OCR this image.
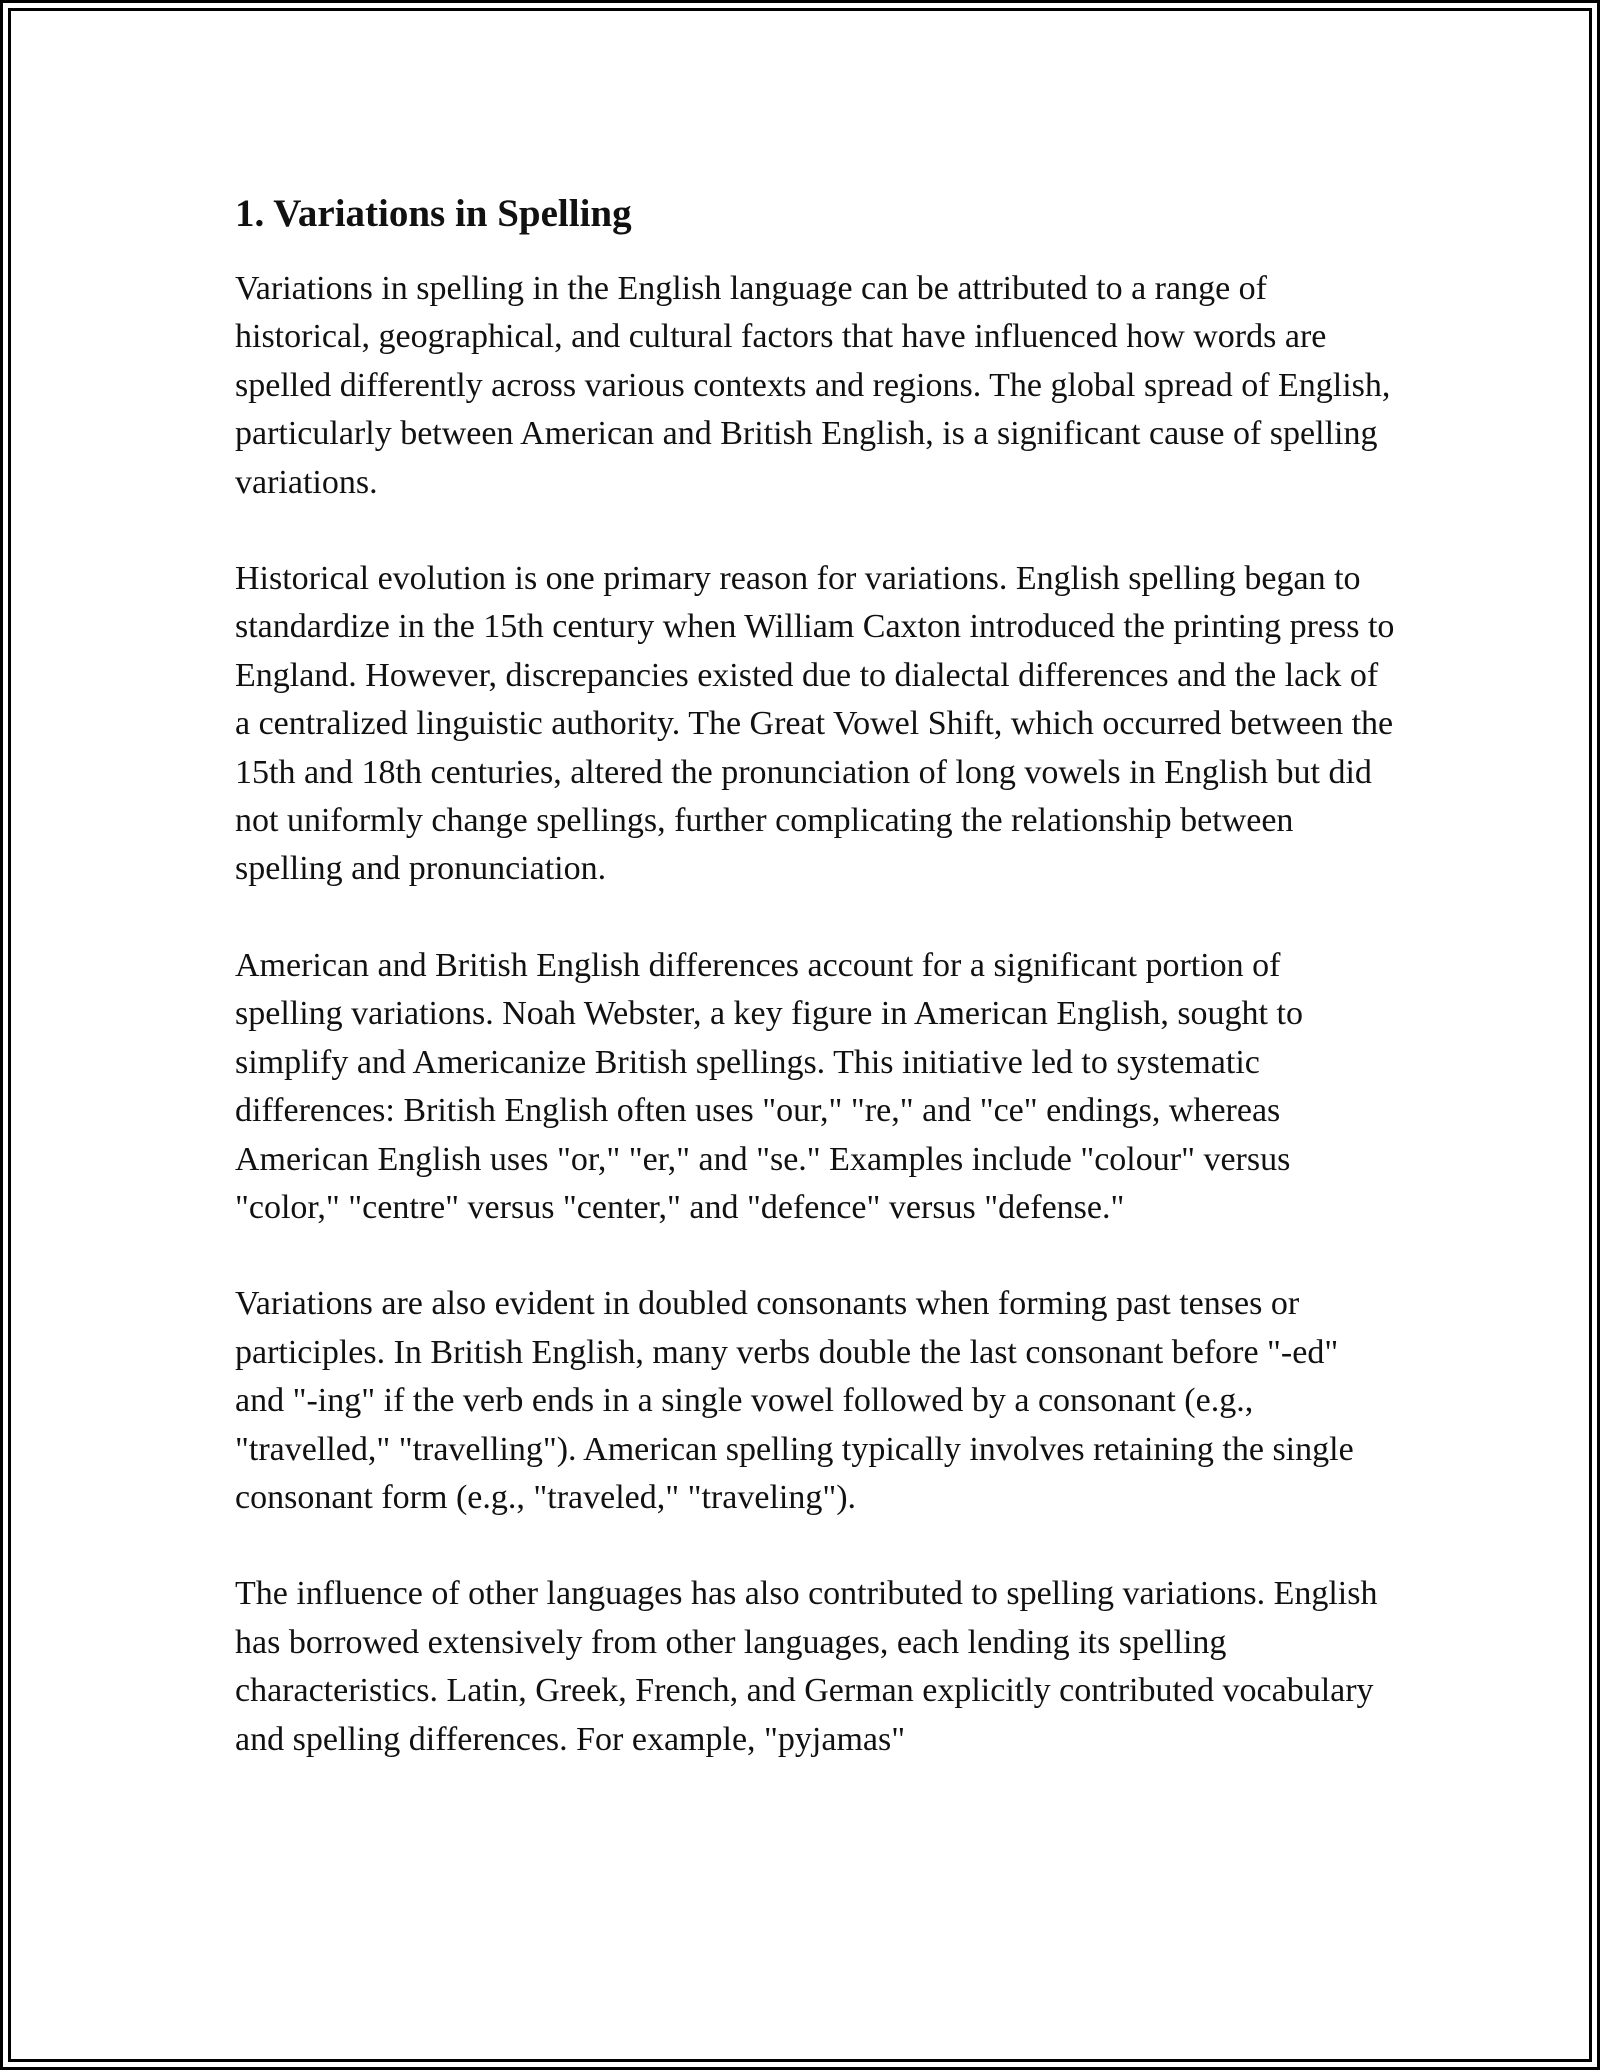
1. Variations in Spelling

Variations in spelling in the English language can be attributed to a range of historical, geographical, and cultural factors that have influenced how words are spelled differently across various contexts and regions. The global spread of English, particularly between American and British English, is a significant cause of spelling variations.

Historical evolution is one primary reason for variations. English spelling began to standardize in the 15th century when William Caxton introduced the printing press to England. However, discrepancies existed due to dialectal differences and the lack of a centralized linguistic authority. The Great Vowel Shift, which occurred between the 15th and 18th centuries, altered the pronunciation of long vowels in English but did not uniformly change spellings, further complicating the relationship between spelling and pronunciation.

American and British English differences account for a significant portion of spelling variations. Noah Webster, a key figure in American English, sought to simplify and Americanize British spellings. This initiative led to systematic differences: British English often uses "our," "re," and "ce" endings, whereas American English uses "or," "er," and "se." Examples include "colour" versus "color," "centre" versus "center," and "defence" versus "defense."

Variations are also evident in doubled consonants when forming past tenses or participles. In British English, many verbs double the last consonant before "-ed" and "-ing" if the verb ends in a single vowel followed by a consonant (e.g., "travelled," "travelling"). American spelling typically involves retaining the single consonant form (e.g., "traveled," "traveling").

The influence of other languages has also contributed to spelling variations. English has borrowed extensively from other languages, each lending its spelling characteristics. Latin, Greek, French, and German explicitly contributed vocabulary and spelling differences. For example, "pyjamas"
